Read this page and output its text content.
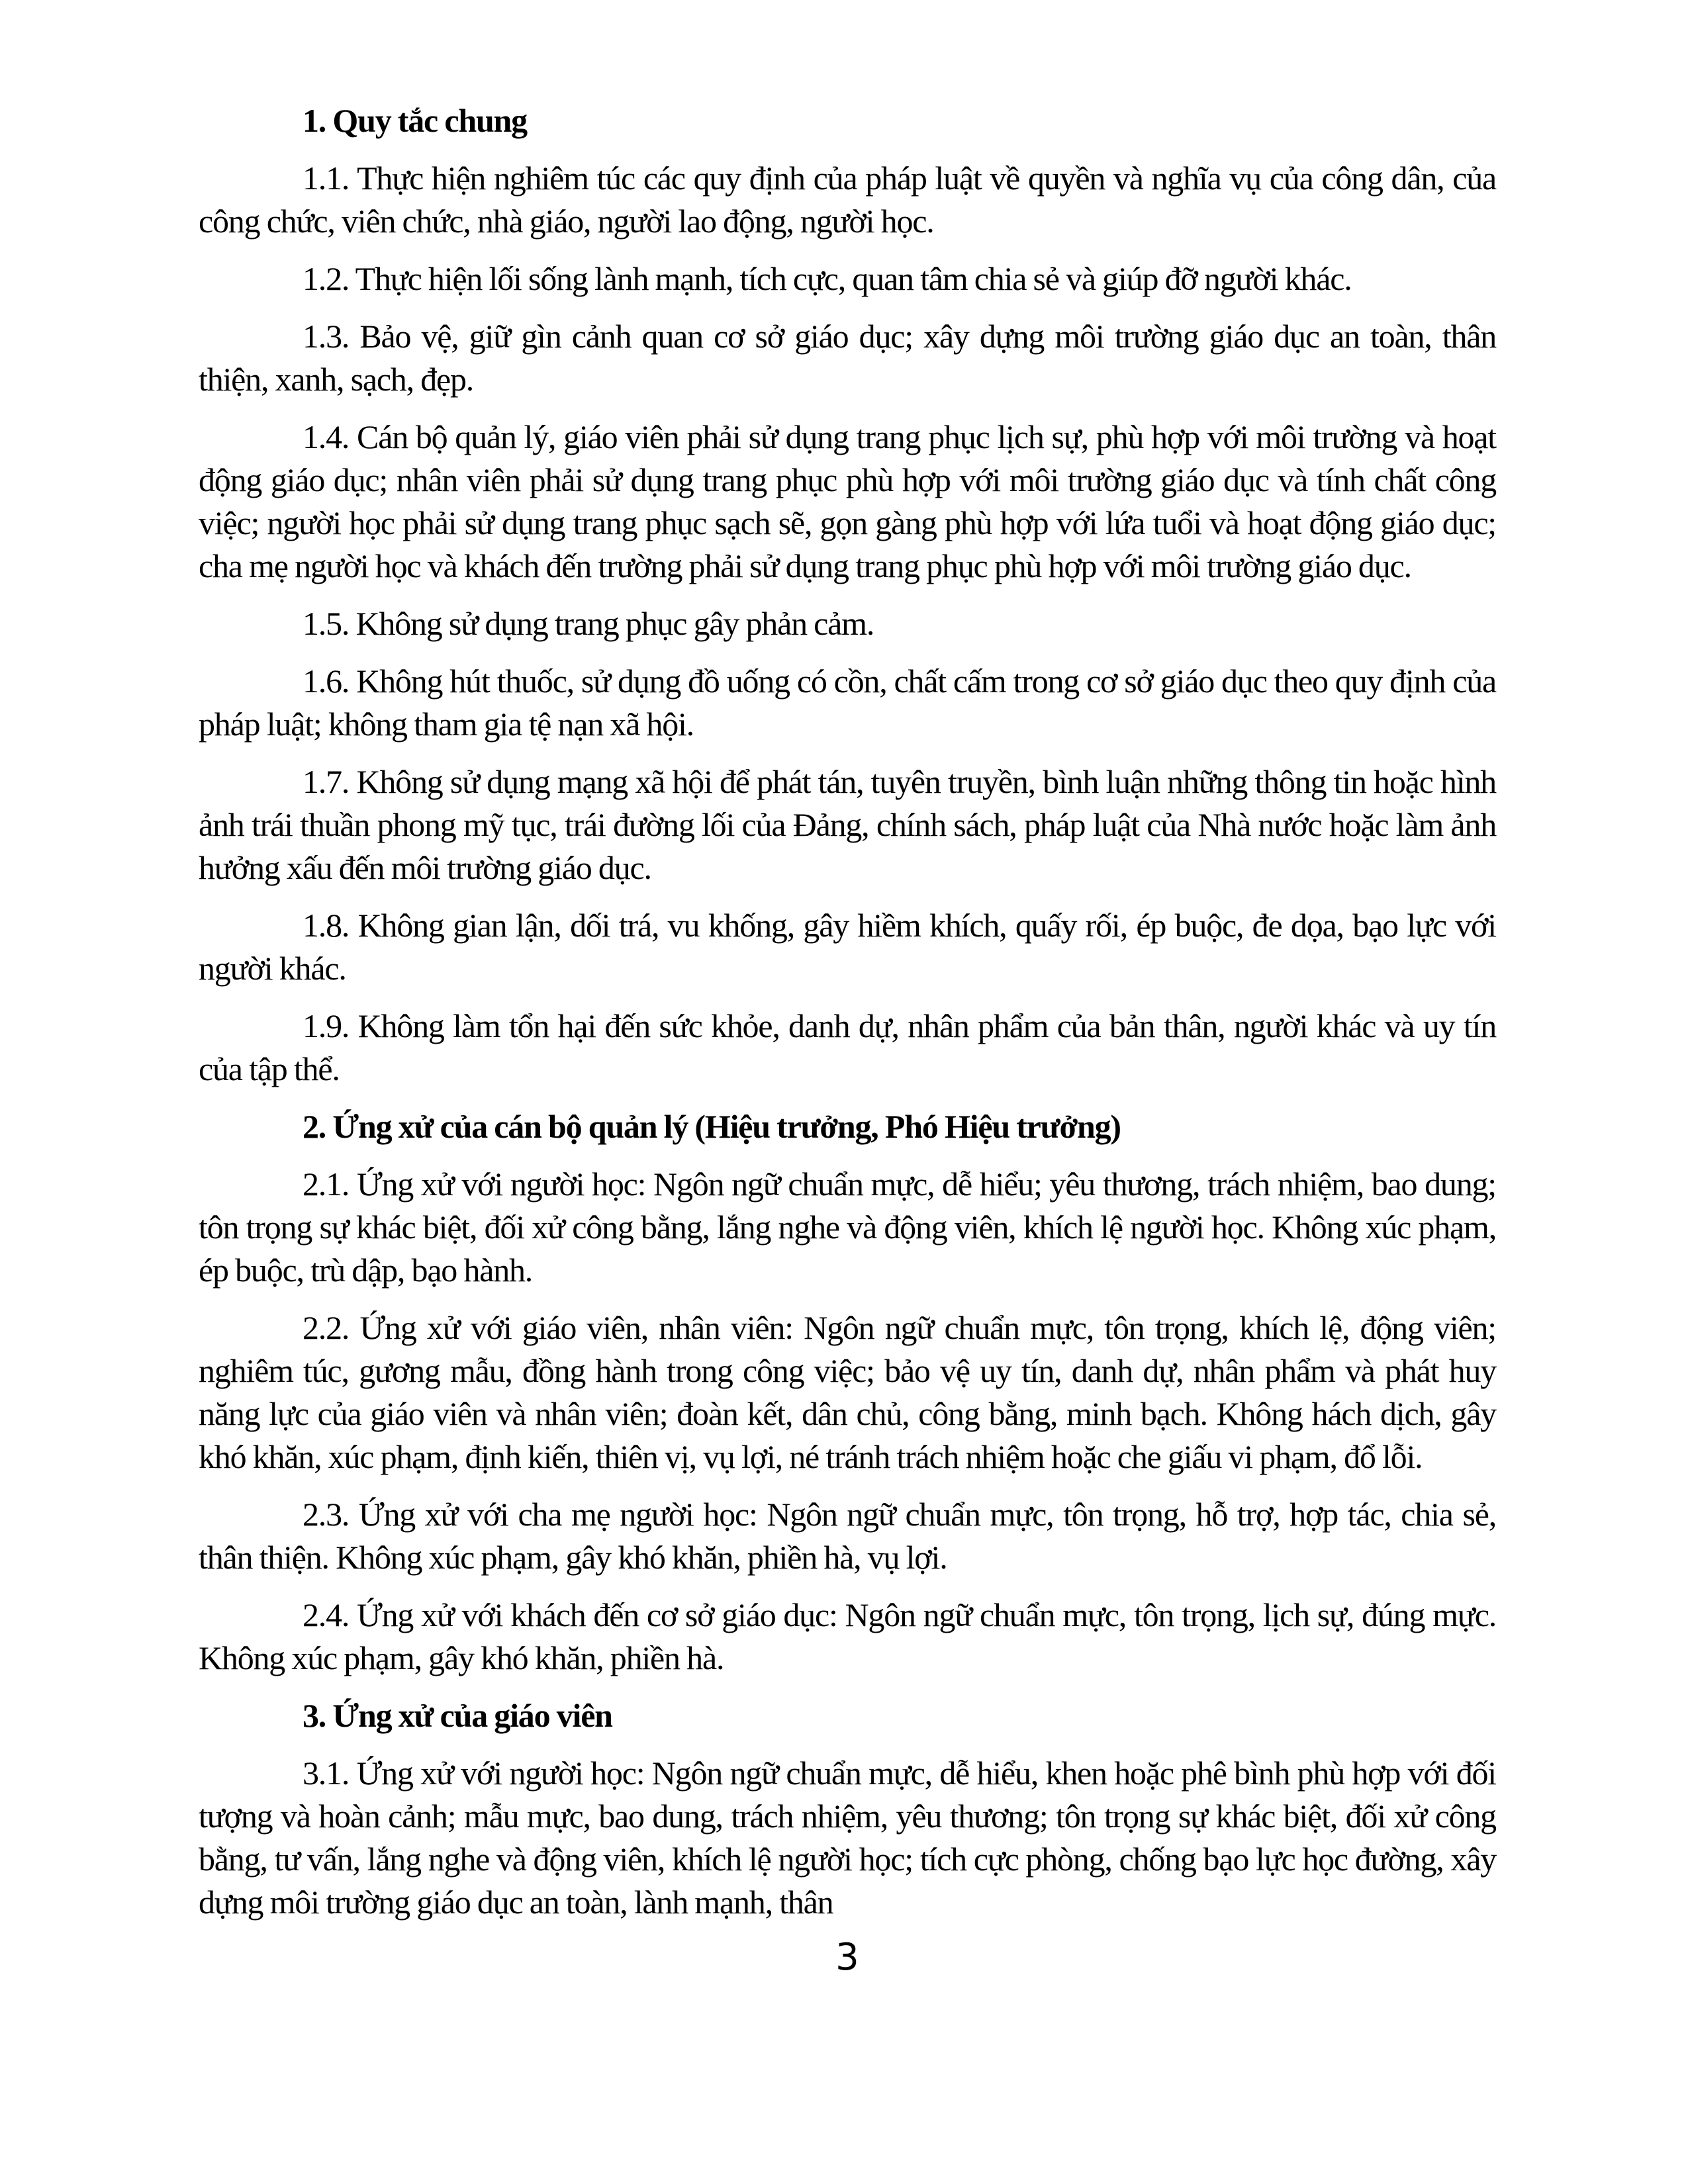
1. Quy tắc chung

1.1. Thực hiện nghiêm túc các quy định của pháp luật về quyền và nghĩa vụ của công dân, của công chức, viên chức, nhà giáo, người lao động, người học.

1.2. Thực hiện lối sống lành mạnh, tích cực, quan tâm chia sẻ và giúp đỡ người khác.

1.3. Bảo vệ, giữ gìn cảnh quan cơ sở giáo dục; xây dựng môi trường giáo dục an toàn, thân thiện, xanh, sạch, đẹp.

1.4. Cán bộ quản lý, giáo viên phải sử dụng trang phục lịch sự, phù hợp với môi trường và hoạt động giáo dục; nhân viên phải sử dụng trang phục phù hợp với môi trường giáo dục và tính chất công việc; người học phải sử dụng trang phục sạch sẽ, gọn gàng phù hợp với lứa tuổi và hoạt động giáo dục; cha mẹ người học và khách đến trường phải sử dụng trang phục phù hợp với môi trường giáo dục.

1.5. Không sử dụng trang phục gây phản cảm.

1.6. Không hút thuốc, sử dụng đồ uống có cồn, chất cấm trong cơ sở giáo dục theo quy định của pháp luật; không tham gia tệ nạn xã hội.

1.7. Không sử dụng mạng xã hội để phát tán, tuyên truyền, bình luận những thông tin hoặc hình ảnh trái thuần phong mỹ tục, trái đường lối của Đảng, chính sách, pháp luật của Nhà nước hoặc làm ảnh hưởng xấu đến môi trường giáo dục.

1.8. Không gian lận, dối trá, vu khống, gây hiềm khích, quấy rối, ép buộc, đe dọa, bạo lực với người khác.

1.9. Không làm tổn hại đến sức khỏe, danh dự, nhân phẩm của bản thân, người khác và uy tín của tập thể.

2. Ứng xử của cán bộ quản lý (Hiệu trưởng, Phó Hiệu trưởng)

2.1. Ứng xử với người học: Ngôn ngữ chuẩn mực, dễ hiểu; yêu thương, trách nhiệm, bao dung; tôn trọng sự khác biệt, đối xử công bằng, lắng nghe và động viên, khích lệ người học. Không xúc phạm, ép buộc, trù dập, bạo hành.

2.2. Ứng xử với giáo viên, nhân viên: Ngôn ngữ chuẩn mực, tôn trọng, khích lệ, động viên; nghiêm túc, gương mẫu, đồng hành trong công việc; bảo vệ uy tín, danh dự, nhân phẩm và phát huy năng lực của giáo viên và nhân viên; đoàn kết, dân chủ, công bằng, minh bạch. Không hách dịch, gây khó khăn, xúc phạm, định kiến, thiên vị, vụ lợi, né tránh trách nhiệm hoặc che giấu vi phạm, đổ lỗi.

2.3. Ứng xử với cha mẹ người học: Ngôn ngữ chuẩn mực, tôn trọng, hỗ trợ, hợp tác, chia sẻ, thân thiện. Không xúc phạm, gây khó khăn, phiền hà, vụ lợi.

2.4. Ứng xử với khách đến cơ sở giáo dục: Ngôn ngữ chuẩn mực, tôn trọng, lịch sự, đúng mực. Không xúc phạm, gây khó khăn, phiền hà.

3. Ứng xử của giáo viên

3.1. Ứng xử với người học: Ngôn ngữ chuẩn mực, dễ hiểu, khen hoặc phê bình phù hợp với đối tượng và hoàn cảnh; mẫu mực, bao dung, trách nhiệm, yêu thương; tôn trọng sự khác biệt, đối xử công bằng, tư vấn, lắng nghe và động viên, khích lệ người học; tích cực phòng, chống bạo lực học đường, xây dựng môi trường giáo dục an toàn, lành mạnh, thân

3
